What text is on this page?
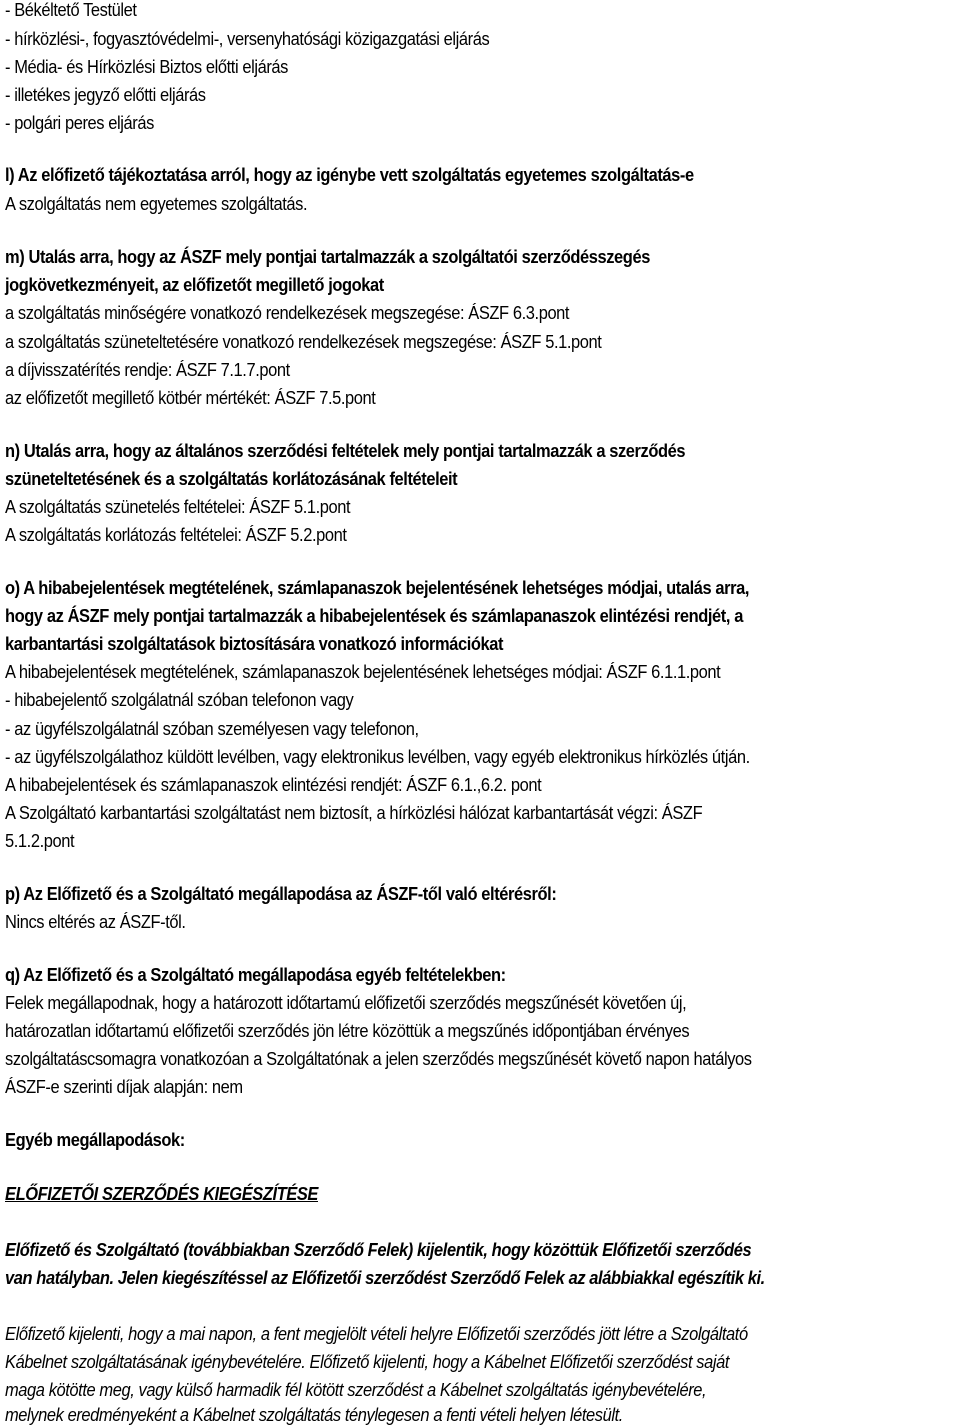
- Békéltető Testület

- hírközlési-, fogyasztóvédelmi-, versenyhatósági közigazgatási eljárás

- Média- és Hírközlési Biztos előtti eljárás

- illetékes jegyző előtti eljárás

- polgári peres eljárás

l) Az előfizető tájékoztatása arról, hogy az igénybe vett szolgáltatás egyetemes szolgáltatás-e

A szolgáltatás nem egyetemes szolgáltatás.

m) Utalás arra, hogy az ÁSZF mely pontjai tartalmazzák a szolgáltatói szerződésszegés

jogkövetkezményeit, az előfizetőt megillető jogokat

a szolgáltatás minőségére vonatkozó rendelkezések megszegése: ÁSZF 6.3.pont

a szolgáltatás szüneteltetésére vonatkozó rendelkezések megszegése: ÁSZF 5.1.pont

a díjvisszatérítés rendje: ÁSZF 7.1.7.pont

az előfizetőt megillető kötbér mértékét: ÁSZF 7.5.pont

n) Utalás arra, hogy az általános szerződési feltételek mely pontjai tartalmazzák a szerződés

szüneteltetésének és a szolgáltatás korlátozásának feltételeit

A szolgáltatás szünetelés feltételei: ÁSZF 5.1.pont

A szolgáltatás korlátozás feltételei: ÁSZF 5.2.pont

o) A hibabejelentések megtételének, számlapanaszok bejelentésének lehetséges módjai, utalás arra,

hogy az ÁSZF mely pontjai tartalmazzák a hibabejelentések és számlapanaszok elintézési rendjét, a

karbantartási szolgáltatások biztosítására vonatkozó információkat

A hibabejelentések megtételének, számlapanaszok bejelentésének lehetséges módjai: ÁSZF 6.1.1.pont

- hibabejelentő szolgálatnál szóban telefonon vagy

- az ügyfélszolgálatnál szóban személyesen vagy telefonon,

- az ügyfélszolgálathoz küldött levélben, vagy elektronikus levélben, vagy egyéb elektronikus hírközlés útján.

A hibabejelentések és számlapanaszok elintézési rendjét: ÁSZF 6.1.,6.2. pont

A Szolgáltató karbantartási szolgáltatást nem biztosít, a hírközlési hálózat karbantartását végzi: ÁSZF

5.1.2.pont

p) Az Előfizető és a Szolgáltató megállapodása az ÁSZF-től való eltérésről:

Nincs eltérés az ÁSZF-től.

q) Az Előfizető és a Szolgáltató megállapodása egyéb feltételekben:

Felek megállapodnak, hogy a határozott időtartamú előfizetői szerződés megszűnését követően új,

határozatlan időtartamú előfizetői szerződés jön létre közöttük a megszűnés időpontjában érvényes

szolgáltatáscsomagra vonatkozóan a Szolgáltatónak a jelen szerződés megszűnését követő napon hatályos

ÁSZF-e szerinti díjak alapján: nem

Egyéb megállapodások:

ELŐFIZETŐI SZERZŐDÉS KIEGÉSZÍTÉSE

Előfizető és Szolgáltató (továbbiakban Szerződő Felek) kijelentik, hogy közöttük Előfizetői szerződés

van hatályban. Jelen kiegészítéssel az Előfizetői szerződést Szerződő Felek az alábbiakkal egészítik ki.

Előfizető kijelenti, hogy a mai napon, a fent megjelölt vételi helyre Előfizetői szerződés jött létre a Szolgáltató

Kábelnet szolgáltatásának igénybevételére. Előfizető kijelenti, hogy a Kábelnet Előfizetői szerződést saját

maga kötötte meg, vagy külső harmadik fél kötött szerződést a Kábelnet szolgáltatás igénybevételére,

melynek eredményeként a Kábelnet szolgáltatás ténylegesen a fenti vételi helyen létesült.
